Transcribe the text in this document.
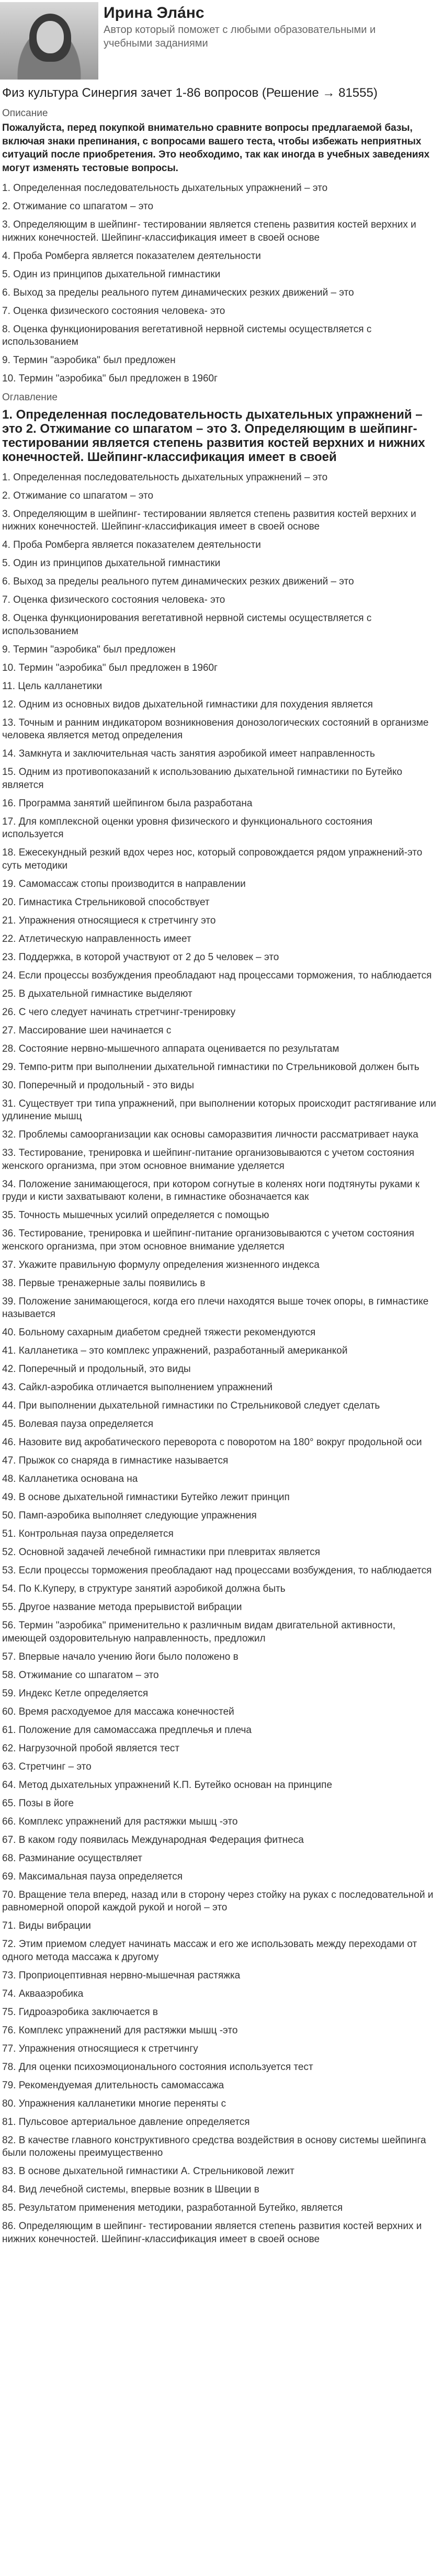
Ирина Элáнс
Автор который поможет с любыми образовательными и учебными заданиями
Физ культура Синергия зачет 1-86 вопросов (Решение → 81555)
Описание
Пожалуйста, перед покупкой внимательно сравните вопросы предлагаемой базы, включая знаки препинания, с вопросами вашего теста, чтобы избежать неприятных ситуаций после приобретения. Это необходимо, так как иногда в учебных заведениях могут изменять тестовые вопросы.
1. Определенная последовательность дыхательных упражнений – это
2. Отжимание со шпагатом – это
3. Определяющим в шейпинг- тестировании является степень развития костей верхних и нижних конечностей. Шейпинг-классификация имеет в своей основе
4. Проба Ромберга является показателем деятельности
5. Один из принципов дыхательной гимнастики
6. Выход за пределы реального путем динамических резких движений – это
7. Оценка физического состояния человека- это
8. Оценка функционирования вегетативной нервной системы осуществляется с использованием
9. Термин "аэробика" был предложен
10. Термин "аэробика" был предложен в 1960г
Оглавление
1. Определенная последовательность дыхательных упражнений – это 2. Отжимание со шпагатом – это 3. Определяющим в шейпинг- тестировании является степень развития костей верхних и нижних конечностей. Шейпинг-классификация имеет в своей
1. Определенная последовательность дыхательных упражнений – это
2. Отжимание со шпагатом – это
3. Определяющим в шейпинг- тестировании является степень развития костей верхних и нижних конечностей. Шейпинг-классификация имеет в своей основе
4. Проба Ромберга является показателем деятельности
5. Один из принципов дыхательной гимнастики
6. Выход за пределы реального путем динамических резких движений – это
7. Оценка физического состояния человека- это
8. Оценка функционирования вегетативной нервной системы осуществляется с использованием
9. Термин "аэробика" был предложен
10. Термин "аэробика" был предложен в 1960г
11. Цель калланетики
12. Одним из основных видов дыхательной гимнастики для похудения является
13. Точным и ранним индикатором возникновения донозологических состояний в организме человека является метод определения
14. Замкнута и заключительная часть занятия аэробикой имеет направленность
15. Одним из противопоказаний к использованию дыхательной гимнастики по Бутейко является
16. Программа занятий шейпингом была разработана
17. Для комплексной оценки уровня физического и функционального состояния используется
18. Ежесекундный резкий вдох через нос, который сопровождается рядом упражнений-это суть методики
19. Самомассаж стопы производится в направлении
20. Гимнастика Стрельниковой способствует
21. Упражнения относящиеся к стретчингу это
22. Атлетическую направленность имеет
23. Поддержка, в которой участвуют от 2 до 5 человек – это
24. Если процессы возбуждения преобладают над процессами торможения, то наблюдается
25. В дыхательной гимнастике выделяют
26. С чего следует начинать стретчинг-тренировку
27. Массирование шеи начинается с
28. Состояние нервно-мышечного аппарата оценивается по результатам
29. Темпо-ритм при выполнении дыхательной гимнастики по Стрельниковой должен быть
30. Поперечный и продольный - это виды
31. Существует три типа упражнений, при выполнении которых происходит растягивание или удлинение мышц
32. Проблемы самоорганизации как основы саморазвития личности рассматривает наука
33. Тестирование, тренировка и шейпинг-питание организовываются с учетом состояния женского организма, при этом основное внимание уделяется
34. Положение занимающегося, при котором согнутые в коленях ноги подтянуты руками к груди и кисти захватывают колени, в гимнастике обозначается как
35. Точность мышечных усилий определяется с помощью
36. Тестирование, тренировка и шейпинг-питание организовываются с учетом состояния женского организма, при этом основное внимание уделяется
37. Укажите правильную формулу определения жизненного индекса
38. Первые тренажерные залы появились в
39. Положение занимающегося, когда его плечи находятся выше точек опоры, в гимнастике называется
40. Больному сахарным диабетом средней тяжести рекомендуются
41. Калланетика – это комплекс упражнений, разработанный американкой
42. Поперечный и продольный, это виды
43. Сайкл-аэробика отличается выполнением упражнений
44. При выполнении дыхательной гимнастики по Стрельниковой следует сделать
45. Волевая пауза определяется
46. Назовите вид акробатического переворота с поворотом на 180° вокруг продольной оси
47. Прыжок со снаряда в гимнастике называется
48. Калланетика основана на
49. В основе дыхательной гимнастики Бутейко лежит принцип
50. Памп-аэробика выполняет следующие упражнения
51. Контрольная пауза определяется
52. Основной задачей лечебной гимнастики при плевритах является
53. Если процессы торможения преобладают над процессами возбуждения, то наблюдается
54. По К.Куперу, в структуре занятий аэробикой должна быть
55. Другое название метода прерывистой вибрации
56. Термин "аэробика" применительно к различным видам двигательной активности, имеющей оздоровительную направленность, предложил
57. Впервые начало учению йоги было положено в
58. Отжимание со шпагатом – это
59. Индекс Кетле определяется
60. Время расходуемое для массажа конечностей
61. Положение для самомассажа предплечья и плеча
62. Нагрузочной пробой является тест
63. Стретчинг – это
64. Метод дыхательных упражнений К.П. Бутейко основан на принципе
65. Позы в йоге
66. Комплекс упражнений для растяжки мышц -это
67. В каком году появилась Международная Федерация фитнеса
68. Разминание осуществляет
69. Максимальная пауза определяется
70. Вращение тела вперед, назад или в сторону через стойку на руках с последовательной и равномерной опорой каждой рукой и ногой – это
71. Виды вибрации
72. Этим приемом следует начинать массаж и его же использовать между переходами от одного метода массажа к другому
73. Проприоцептивная нервно-мышечная растяжка
74. Аквааэробика
75. Гидроаэробика заключается в
76. Комплекс упражнений для растяжки мышц -это
77. Упражнения относящиеся к стретчингу
78. Для оценки психоэмоционального состояния используется тест
79. Рекомендуемая длительность самомассажа
80. Упражнения калланетики многие переняты с
81. Пульсовое артериальное давление определяется
82. В качестве главного конструктивного средства воздействия в основу системы шейпинга были положены преимущественно
83. В основе дыхательной гимнастики А. Стрельниковой лежит
84. Вид лечебной системы, впервые возник в Швеции в
85. Результатом применения методики, разработанной Бутейко, является
86. Определяющим в шейпинг- тестировании является степень развития костей верхних и нижних конечностей. Шейпинг-классификация имеет в своей основе
